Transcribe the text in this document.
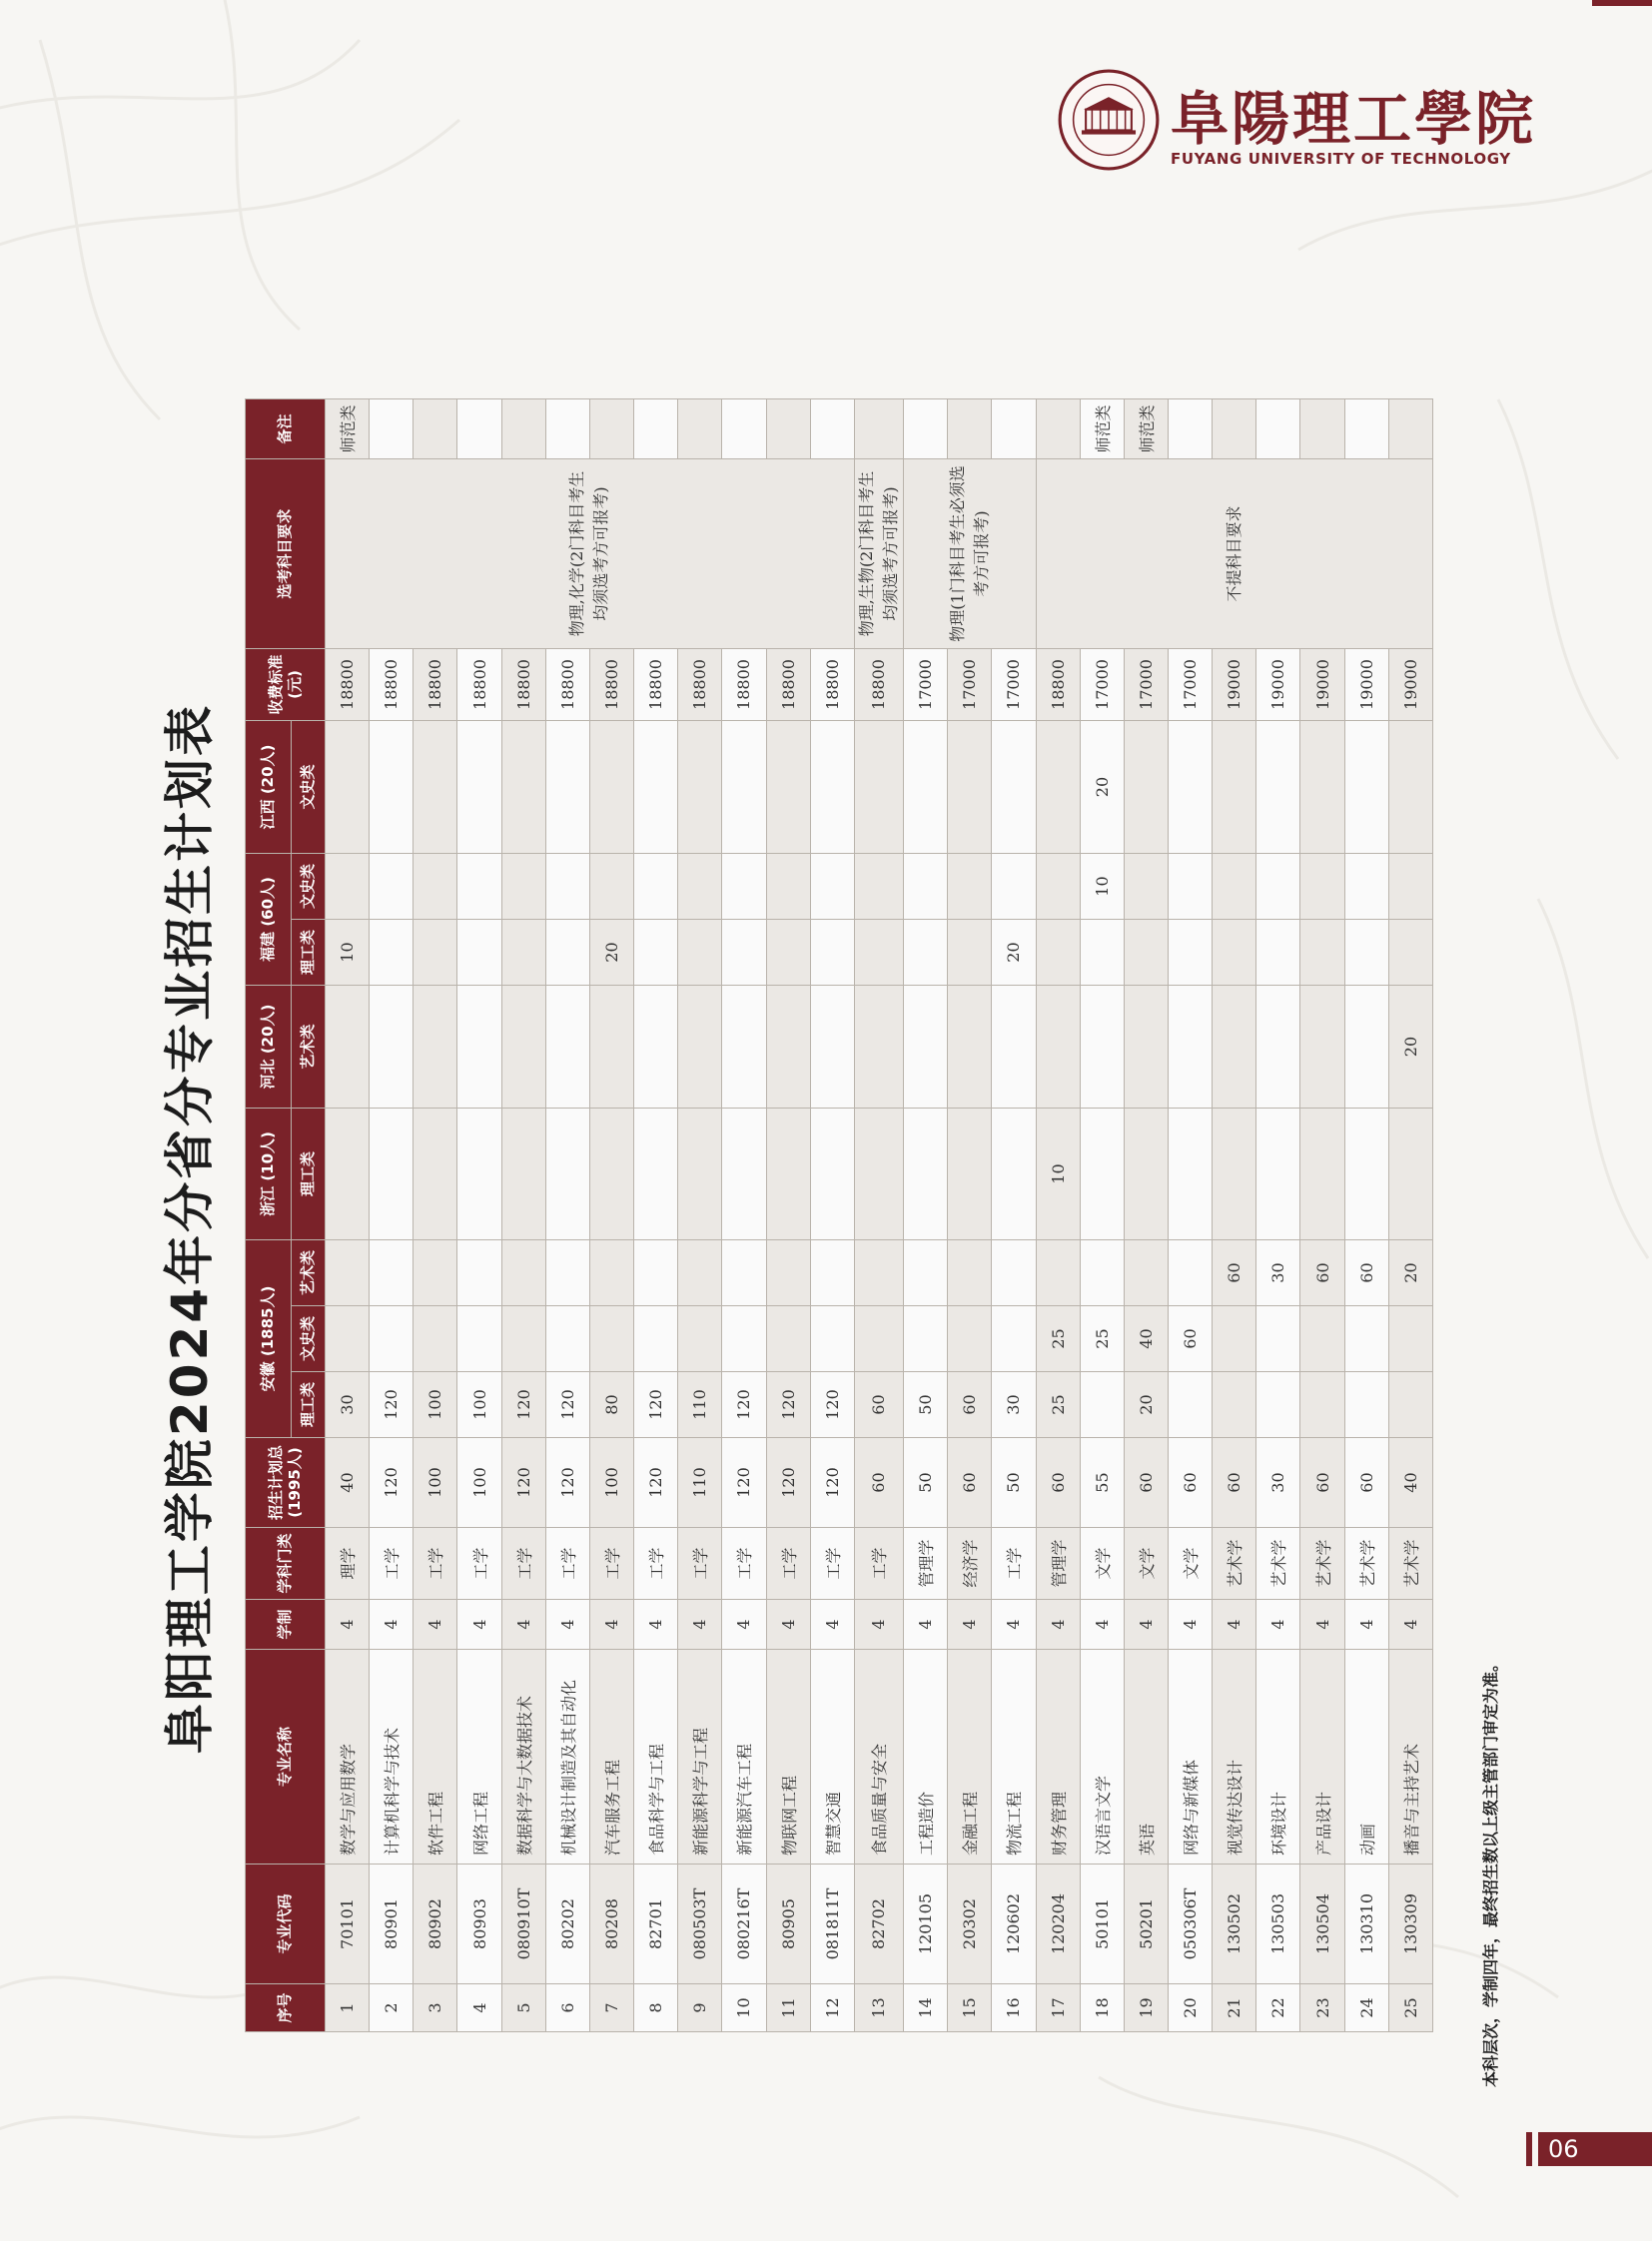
阜陽理工學院
FUYANG UNIVERSITY OF TECHNOLOGY
阜阳理工学院2024年分省分专业招生计划表
序号	专业代码	专业名称	学制	学科门类	招生计划总 (1995人)	安徽 (1885人)			浙江 (10人)	河北 (20人)	福建 (60人)		江西 (20人)	收费标准 (元)	选考科目要求	备注
						理工类	文史类	艺术类	理工类	艺术类	理工类	文史类	文史类			
1	70101	数学与应用数学	4	理学	40	30					10			18800	物理,化学(2门科目考生均须选考方可报考)	师范类
2	80901	计算机科学与技术	4	工学	120	120								18800		
3	80902	软件工程	4	工学	100	100								18800		
4	80903	网络工程	4	工学	100	100								18800		
5	080910T	数据科学与大数据技术	4	工学	120	120								18800		
6	80202	机械设计制造及其自动化	4	工学	120	120								18800		
7	80208	汽车服务工程	4	工学	100	80					20			18800		
8	82701	食品科学与工程	4	工学	120	120								18800		
9	080503T	新能源科学与工程	4	工学	110	110								18800		
10	080216T	新能源汽车工程	4	工学	120	120								18800		
11	80905	物联网工程	4	工学	120	120								18800		
12	081811T	智慧交通	4	工学	120	120								18800		
13	82702	食品质量与安全	4	工学	60	60								18800	物理,生物(2门科目考生均须选考方可报考)	
14	120105	工程造价	4	管理学	50	50								17000	物理(1门科目考生必须选考方可报考)	
15	20302	金融工程	4	经济学	60	60								17000		
16	120602	物流工程	4	工学	50	30					20			17000		
17	120204	财务管理	4	管理学	60	25	25		10					18800	不提科目要求	
18	50101	汉语言文学	4	文学	55		25					10	20	17000		师范类
19	50201	英语	4	文学	60	20	40							17000		师范类
20	050306T	网络与新媒体	4	文学	60		60							17000		
21	130502	视觉传达设计	4	艺术学	60			60						19000		
22	130503	环境设计	4	艺术学	30			30						19000		
23	130504	产品设计	4	艺术学	60			60						19000		
24	130310	动画	4	艺术学	60			60						19000		
25	130309	播音与主持艺术	4	艺术学	40			20		20				19000		
本科层次，学制四年，最终招生数以上级主管部门审定为准。
06
